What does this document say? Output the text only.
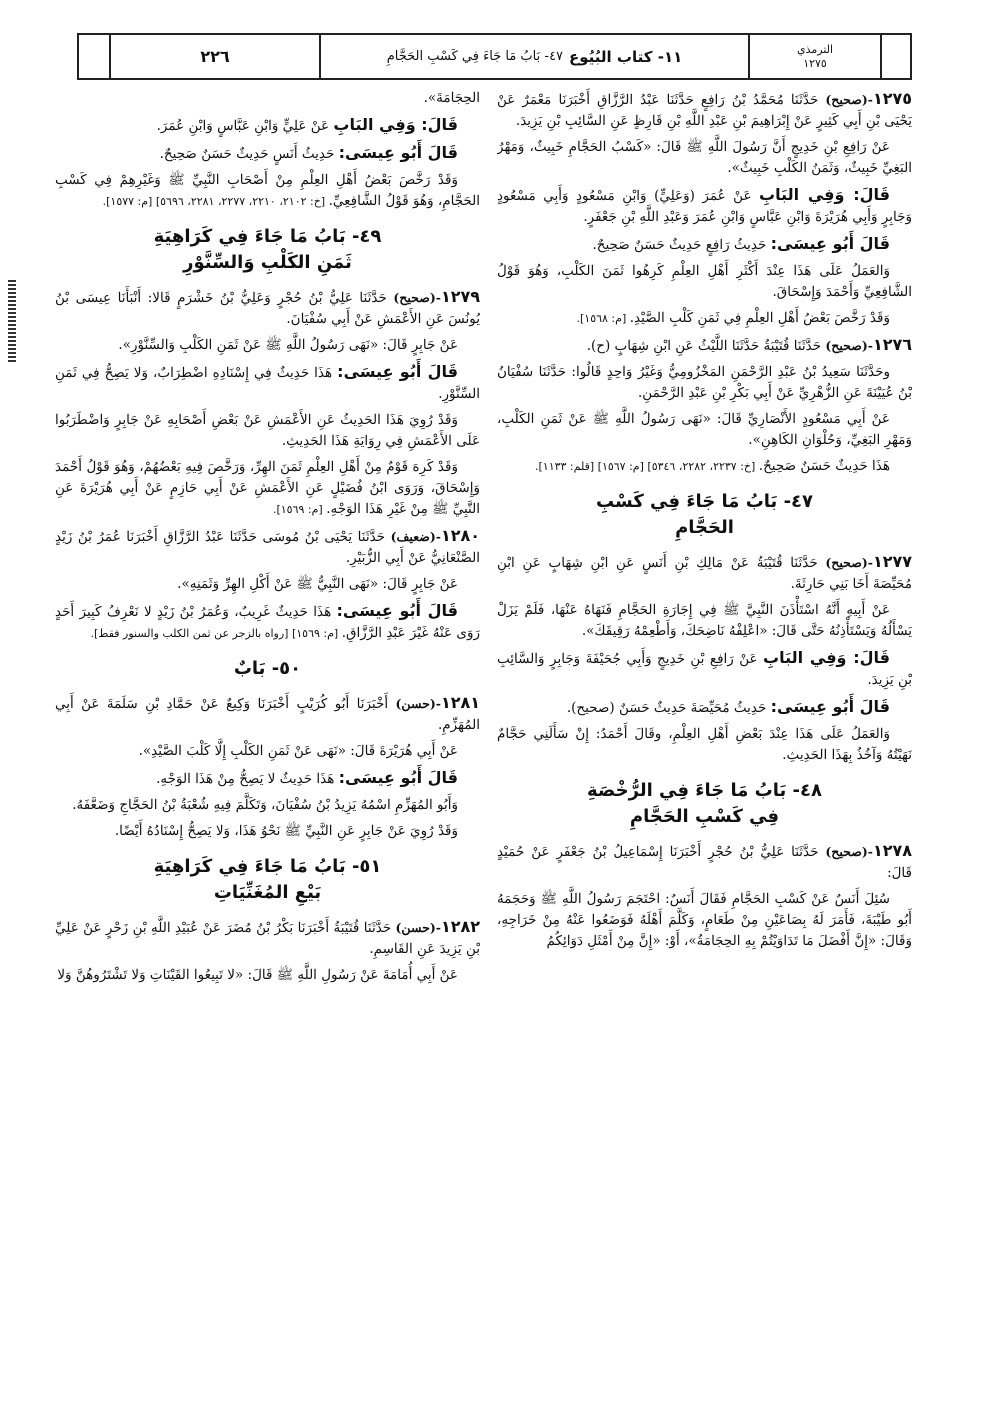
الترمذي
١٢٧٥
١١- كتاب البُيُوع
٤٧- بَابُ مَا جَاءَ فِي كَسْبِ الحَجَّامِ
٢٢٦

١٢٧٥-(صحيح) حَدَّثَنَا مُحَمَّدُ بْنُ رَافِعٍ حَدَّثَنَا عَبْدُ الرَّزَّاقِ أَخْبَرَنَا مَعْمَرٌ عَنْ يَحْيَى بْنِ أَبِي كَثِيرٍ عَنْ إِبْرَاهِيمَ بْنِ عَبْدِ اللَّهِ بْنِ قَارِظٍ عَنِ السَّائِبِ بْنِ يَزِيدَ.

عَنْ رَافِعِ بْنِ خَدِيجٍ أَنَّ رَسُولَ اللَّهِ ﷺ قَالَ: «كَسْبُ الحَجَّامِ خَبِيثٌ، وَمَهْرُ البَغِيِّ خَبِيثٌ، وَثَمَنُ الكَلْبِ خَبِيثٌ».

قَالَ: وَفِي البَابِ عَنْ عُمَرَ (وَعَلِيٍّ) وَابْنِ مَسْعُودٍ وَأَبِي مَسْعُودٍ وَجَابِرٍ وَأَبِي هُرَيْرَةَ وَابْنِ عَبَّاسٍ وَابْنِ عُمَرَ وَعَبْدِ اللَّهِ بْنِ جَعْفَرٍ.

قَالَ أَبُو عِيسَى: حَدِيثُ رَافِعٍ حَدِيثٌ حَسَنٌ صَحِيحٌ.

وَالعَمَلُ عَلَى هَذَا عِنْدَ أَكْثَرِ أَهْلِ العِلْمِ كَرِهُوا ثَمَنَ الكَلْبِ، وَهُوَ قَوْلُ الشَّافِعِيِّ وَأَحْمَدَ وَإِسْحَاقَ.

وَقَدْ رَخَّصَ بَعْضُ أَهْلِ العِلْمِ فِي ثَمَنِ كَلْبِ الصَّيْدِ. [م: ١٥٦٨].

١٢٧٦-(صحيح) حَدَّثَنَا قُتَيْبَةُ حَدَّثَنَا اللَّيْثُ عَنِ ابْنِ شِهَابٍ (ح).

وحَدَّثَنَا سَعِيدُ بْنُ عَبْدِ الرَّحْمَنِ المَخْزُومِيُّ وَغَيْرُ وَاحِدٍ قَالُوا: حَدَّثَنَا سُفْيَانُ بْنُ عُيَيْنَةَ عَنِ الزُّهْرِيِّ عَنْ أَبِي بَكْرِ بْنِ عَبْدِ الرَّحْمَنِ.

عَنْ أَبِي مَسْعُودٍ الأَنْصَارِيِّ قَالَ: «نَهَى رَسُولُ اللَّهِ ﷺ عَنْ ثَمَنِ الكَلْبِ، وَمَهْرِ البَغِيِّ، وَحُلْوَانِ الكَاهِنِ».

هَذَا حَدِيثٌ حَسَنٌ صَحِيحٌ. [خ: ٢٢٣٧، ٢٢٨٢، ٥٣٤٦] [م: ١٥٦٧] [قلم: ١١٣٣].

٤٧- بَابُ مَا جَاءَ فِي كَسْبِ
الحَجَّامِ

١٢٧٧-(صحيح) حَدَّثَنَا قُتَيْبَةُ عَنْ مَالِكِ بْنِ أَنَسٍ عَنِ ابْنِ شِهَابٍ عَنِ ابْنِ مُحَيِّصَةَ أَخَا بَنِي حَارِثَةَ.

عَنْ أَبِيهِ أَنَّهُ اسْتَأْذَنَ النَّبِيَّ ﷺ فِي إِجَارَةِ الحَجَّامِ فَنَهَاهُ عَنْهَا، فَلَمْ يَزَلْ يَسْأَلُهُ وَيَسْتَأْذِنُهُ حَتَّى قَالَ: «اعْلِفْهُ نَاضِحَكَ، وَأَطْعِمْهُ رَقِيقَكَ».

قَالَ: وَفِي البَابِ عَنْ رَافِعِ بْنِ خَدِيجٍ وَأَبِي جُحَيْفَةَ وَجَابِرٍ وَالسَّائِبِ بْنِ يَزِيدَ.

قَالَ أَبُو عِيسَى: حَدِيثُ مُحَيِّصَةَ حَدِيثٌ حَسَنٌ (صحيح).

وَالعَمَلُ عَلَى هَذَا عِنْدَ بَعْضِ أَهْلِ العِلْمِ، وقَالَ أَحْمَدُ: إِنْ سَأَلَنِي حَجَّامٌ نَهَيْتُهُ وَآخُذُ بِهَذَا الحَدِيثِ.

٤٨- بَابُ مَا جَاءَ فِي الرُّخْصَةِ
فِي كَسْبِ الحَجَّامِ

١٢٧٨-(صحيح) حَدَّثَنَا عَلِيُّ بْنُ حُجْرٍ أَخْبَرَنَا إِسْمَاعِيلُ بْنُ جَعْفَرٍ عَنْ حُمَيْدٍ قَالَ:

سُئِلَ أَنَسٌ عَنْ كَسْبِ الحَجَّامِ فَقَالَ أَنَسٌ: احْتَجَمَ رَسُولُ اللَّهِ ﷺ وَحَجَمَهُ أَبُو طَيْبَةَ، فَأَمَرَ لَهُ بِصَاعَيْنِ مِنْ طَعَامٍ، وَكَلَّمَ أَهْلَهُ فَوَضَعُوا عَنْهُ مِنْ خَرَاجِهِ، وَقَالَ: «إِنَّ أَفْضَلَ مَا تَدَاوَيْتُمْ بِهِ الحِجَامَةُ»، أَوْ: «إِنَّ مِنْ أَمْثَلِ دَوَائِكُمُ

الحِجَامَةَ».

قَالَ: وَفِي البَابِ عَنْ عَلِيٍّ وَابْنِ عَبَّاسٍ وَابْنِ عُمَرَ.

قَالَ أَبُو عِيسَى: حَدِيثُ أَنَسٍ حَدِيثٌ حَسَنٌ صَحِيحٌ.

وَقَدْ رَخَّصَ بَعْضُ أَهْلِ العِلْمِ مِنْ أَصْحَابِ النَّبِيِّ ﷺ وَغَيْرِهِمْ فِي كَسْبِ الحَجَّامِ، وَهُوَ قَوْلُ الشَّافِعِيِّ. [خ: ٢١٠٢، ٢٢١٠، ٢٢٧٧، ٢٢٨١، ٥٦٩٦] [م: ١٥٧٧].

٤٩- بَابُ مَا جَاءَ فِي كَرَاهِيَةِ
ثَمَنِ الكَلْبِ وَالسِّنَّوْرِ

١٢٧٩-(صحيح) حَدَّثَنَا عَلِيُّ بْنُ حُجْرٍ وَعَلِيُّ بْنُ خَشْرَمٍ قَالا: أَنْبَأَنَا عِيسَى بْنُ يُونُسَ عَنِ الأَعْمَشِ عَنْ أَبِي سُفْيَانَ.

عَنْ جَابِرٍ قَالَ: «نَهَى رَسُولُ اللَّهِ ﷺ عَنْ ثَمَنِ الكَلْبِ وَالسِّنَّوْرِ».

قَالَ أَبُو عِيسَى: هَذَا حَدِيثٌ فِي إِسْنَادِهِ اضْطِرَابٌ، وَلا يَصِحُّ فِي ثَمَنِ السِّنَّوْرِ.

وَقَدْ رُوِيَ هَذَا الحَدِيثُ عَنِ الأَعْمَشِ عَنْ بَعْضِ أَصْحَابِهِ عَنْ جَابِرٍ وَاضْطَرَبُوا عَلَى الأَعْمَشِ فِي رِوَايَةِ هَذَا الحَدِيثِ.

وَقَدْ كَرِهَ قَوْمٌ مِنْ أَهْلِ العِلْمِ ثَمَنَ الهِرِّ، وَرَخَّصَ فِيهِ بَعْضُهُمْ، وَهُوَ قَوْلُ أَحْمَدَ وَإِسْحَاقَ، وَرَوَى ابْنُ فُضَيْلٍ عَنِ الأَعْمَشِ عَنْ أَبِي حَازِمٍ عَنْ أَبِي هُرَيْرَةَ عَنِ النَّبِيِّ ﷺ مِنْ غَيْرِ هَذَا الوَجْهِ. [م: ١٥٦٩].

١٢٨٠-(ضعيف) حَدَّثَنَا يَحْيَى بْنُ مُوسَى حَدَّثَنَا عَبْدُ الرَّزَّاقِ أَخْبَرَنَا عُمَرُ بْنُ زَيْدٍ الصَّنْعَانِيُّ عَنْ أَبِي الزُّبَيْرِ.

عَنْ جَابِرٍ قَالَ: «نَهَى النَّبِيُّ ﷺ عَنْ أَكْلِ الهِرِّ وَثَمَنِهِ».

قَالَ أَبُو عِيسَى: هَذَا حَدِيثٌ غَرِيبٌ، وَعُمَرُ بْنُ زَيْدٍ لا نَعْرِفُ كَبِيرَ أَحَدٍ رَوَى عَنْهُ غَيْرَ عَبْدِ الرَّزَّاقِ. [م: ١٥٦٩] [رواه بالزجر عن ثمن الكلب والسنور فقط].

٥٠- بَابٌ

١٢٨١-(حسن) أَخْبَرَنَا أَبُو كُرَيْبٍ أَخْبَرَنَا وَكِيعٌ عَنْ حَمَّادِ بْنِ سَلَمَةَ عَنْ أَبِي المُهَزِّمِ.

عَنْ أَبِي هُرَيْرَةَ قَالَ: «نَهَى عَنْ ثَمَنِ الكَلْبِ إِلَّا كَلْبَ الصَّيْدِ».

قَالَ أَبُو عِيسَى: هَذَا حَدِيثٌ لا يَصِحُّ مِنْ هَذَا الوَجْهِ.

وَأَبُو المُهَزِّمِ اسْمُهُ يَزِيدُ بْنُ سُفْيَانَ، وَتَكَلَّمَ فِيهِ شُعْبَةُ بْنُ الحَجَّاجِ وَضَعَّفَهُ.

وَقَدْ رُوِيَ عَنْ جَابِرٍ عَنِ النَّبِيِّ ﷺ نَحْوُ هَذَا، وَلا يَصِحُّ إِسْنَادُهُ أَيْضًا.

٥١- بَابُ مَا جَاءَ فِي كَرَاهِيَةِ
بَيْعِ المُغَنِّيَاتِ

١٢٨٢-(حسن) حَدَّثَنَا قُتَيْبَةُ أَخْبَرَنَا بَكْرُ بْنُ مُضَرَ عَنْ عُبَيْدِ اللَّهِ بْنِ زَحْرٍ عَنْ عَلِيِّ بْنِ يَزِيدَ عَنِ القَاسِمِ.

عَنْ أَبِي أُمَامَةَ عَنْ رَسُولِ اللَّهِ ﷺ قَالَ: «لا تَبِيعُوا القَيْنَاتِ وَلا تَشْتَرُوهُنَّ وَلا
